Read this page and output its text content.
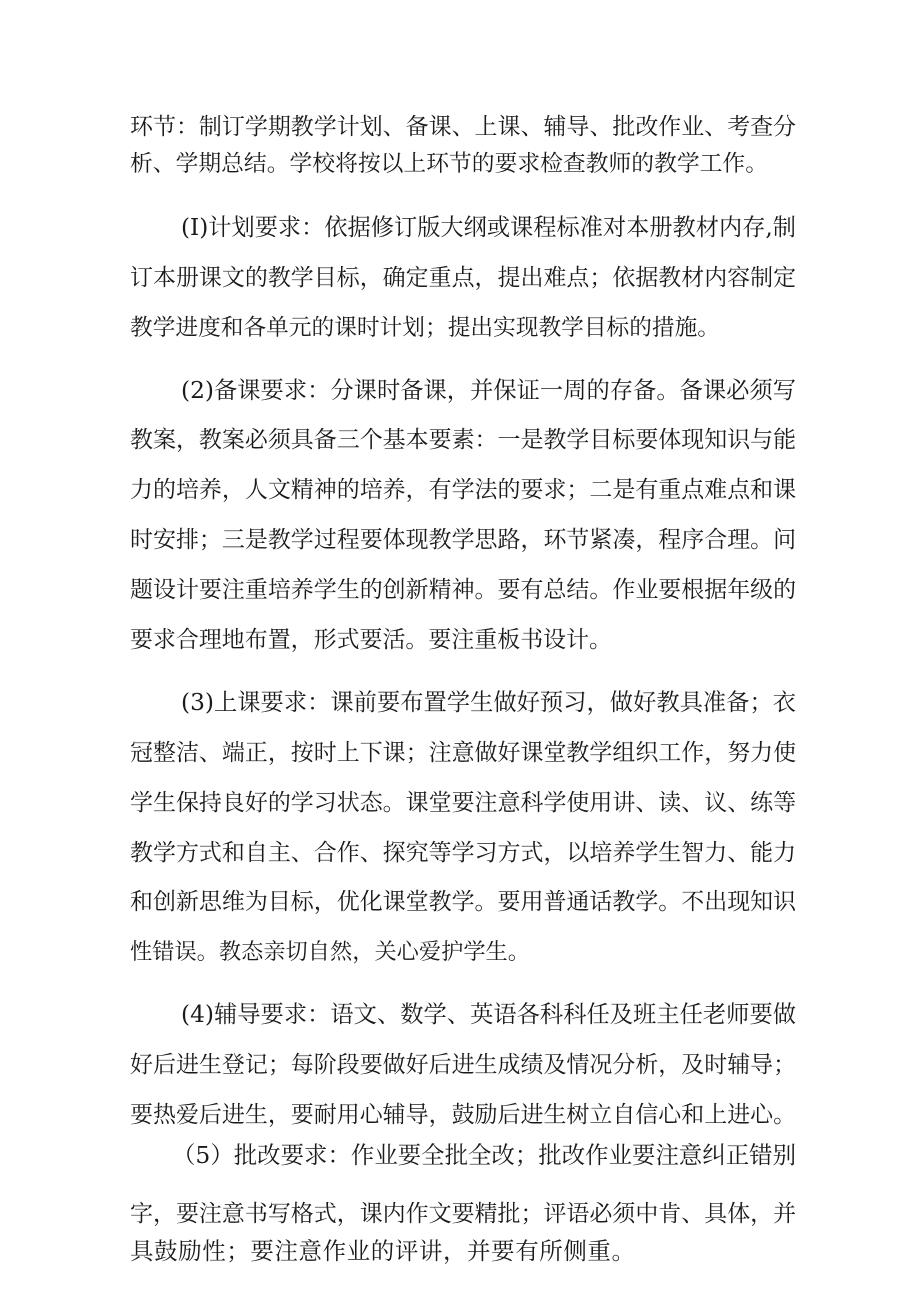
环节：制订学期教学计划、备课、上课、辅导、批改作业、考查分
析、学期总结。学校将按以上环节的要求检查教师的教学工作。
(I)计划要求：依据修订版大纲或课程标准对本册教材内存,制
订本册课文的教学目标，确定重点，提出难点；依据教材内容制定
教学进度和各单元的课时计划；提出实现教学目标的措施。
(2)备课要求：分课时备课，并保证一周的存备。备课必须写
教案，教案必须具备三个基本要素：一是教学目标要体现知识与能
力的培养，人文精神的培养，有学法的要求；二是有重点难点和课
时安排；三是教学过程要体现教学思路，环节紧凑，程序合理。问
题设计要注重培养学生的创新精神。要有总结。作业要根据年级的
要求合理地布置，形式要活。要注重板书设计。
(3)上课要求：课前要布置学生做好预习，做好教具准备；衣
冠整洁、端正，按时上下课；注意做好课堂教学组织工作，努力使
学生保持良好的学习状态。课堂要注意科学使用讲、读、议、练等
教学方式和自主、合作、探究等学习方式，以培养学生智力、能力
和创新思维为目标，优化课堂教学。要用普通话教学。不出现知识
性错误。教态亲切自然，关心爱护学生。
(4)辅导要求：语文、数学、英语各科科任及班主任老师要做
好后进生登记；每阶段要做好后进生成绩及情况分析，及时辅导；
要热爱后进生，要耐用心辅导，鼓励后进生树立自信心和上进心。
（5）批改要求：作业要全批全改；批改作业要注意纠正错别
字，要注意书写格式，课内作文要精批；评语必须中肯、具体，并
具鼓励性；要注意作业的评讲，并要有所侧重。
